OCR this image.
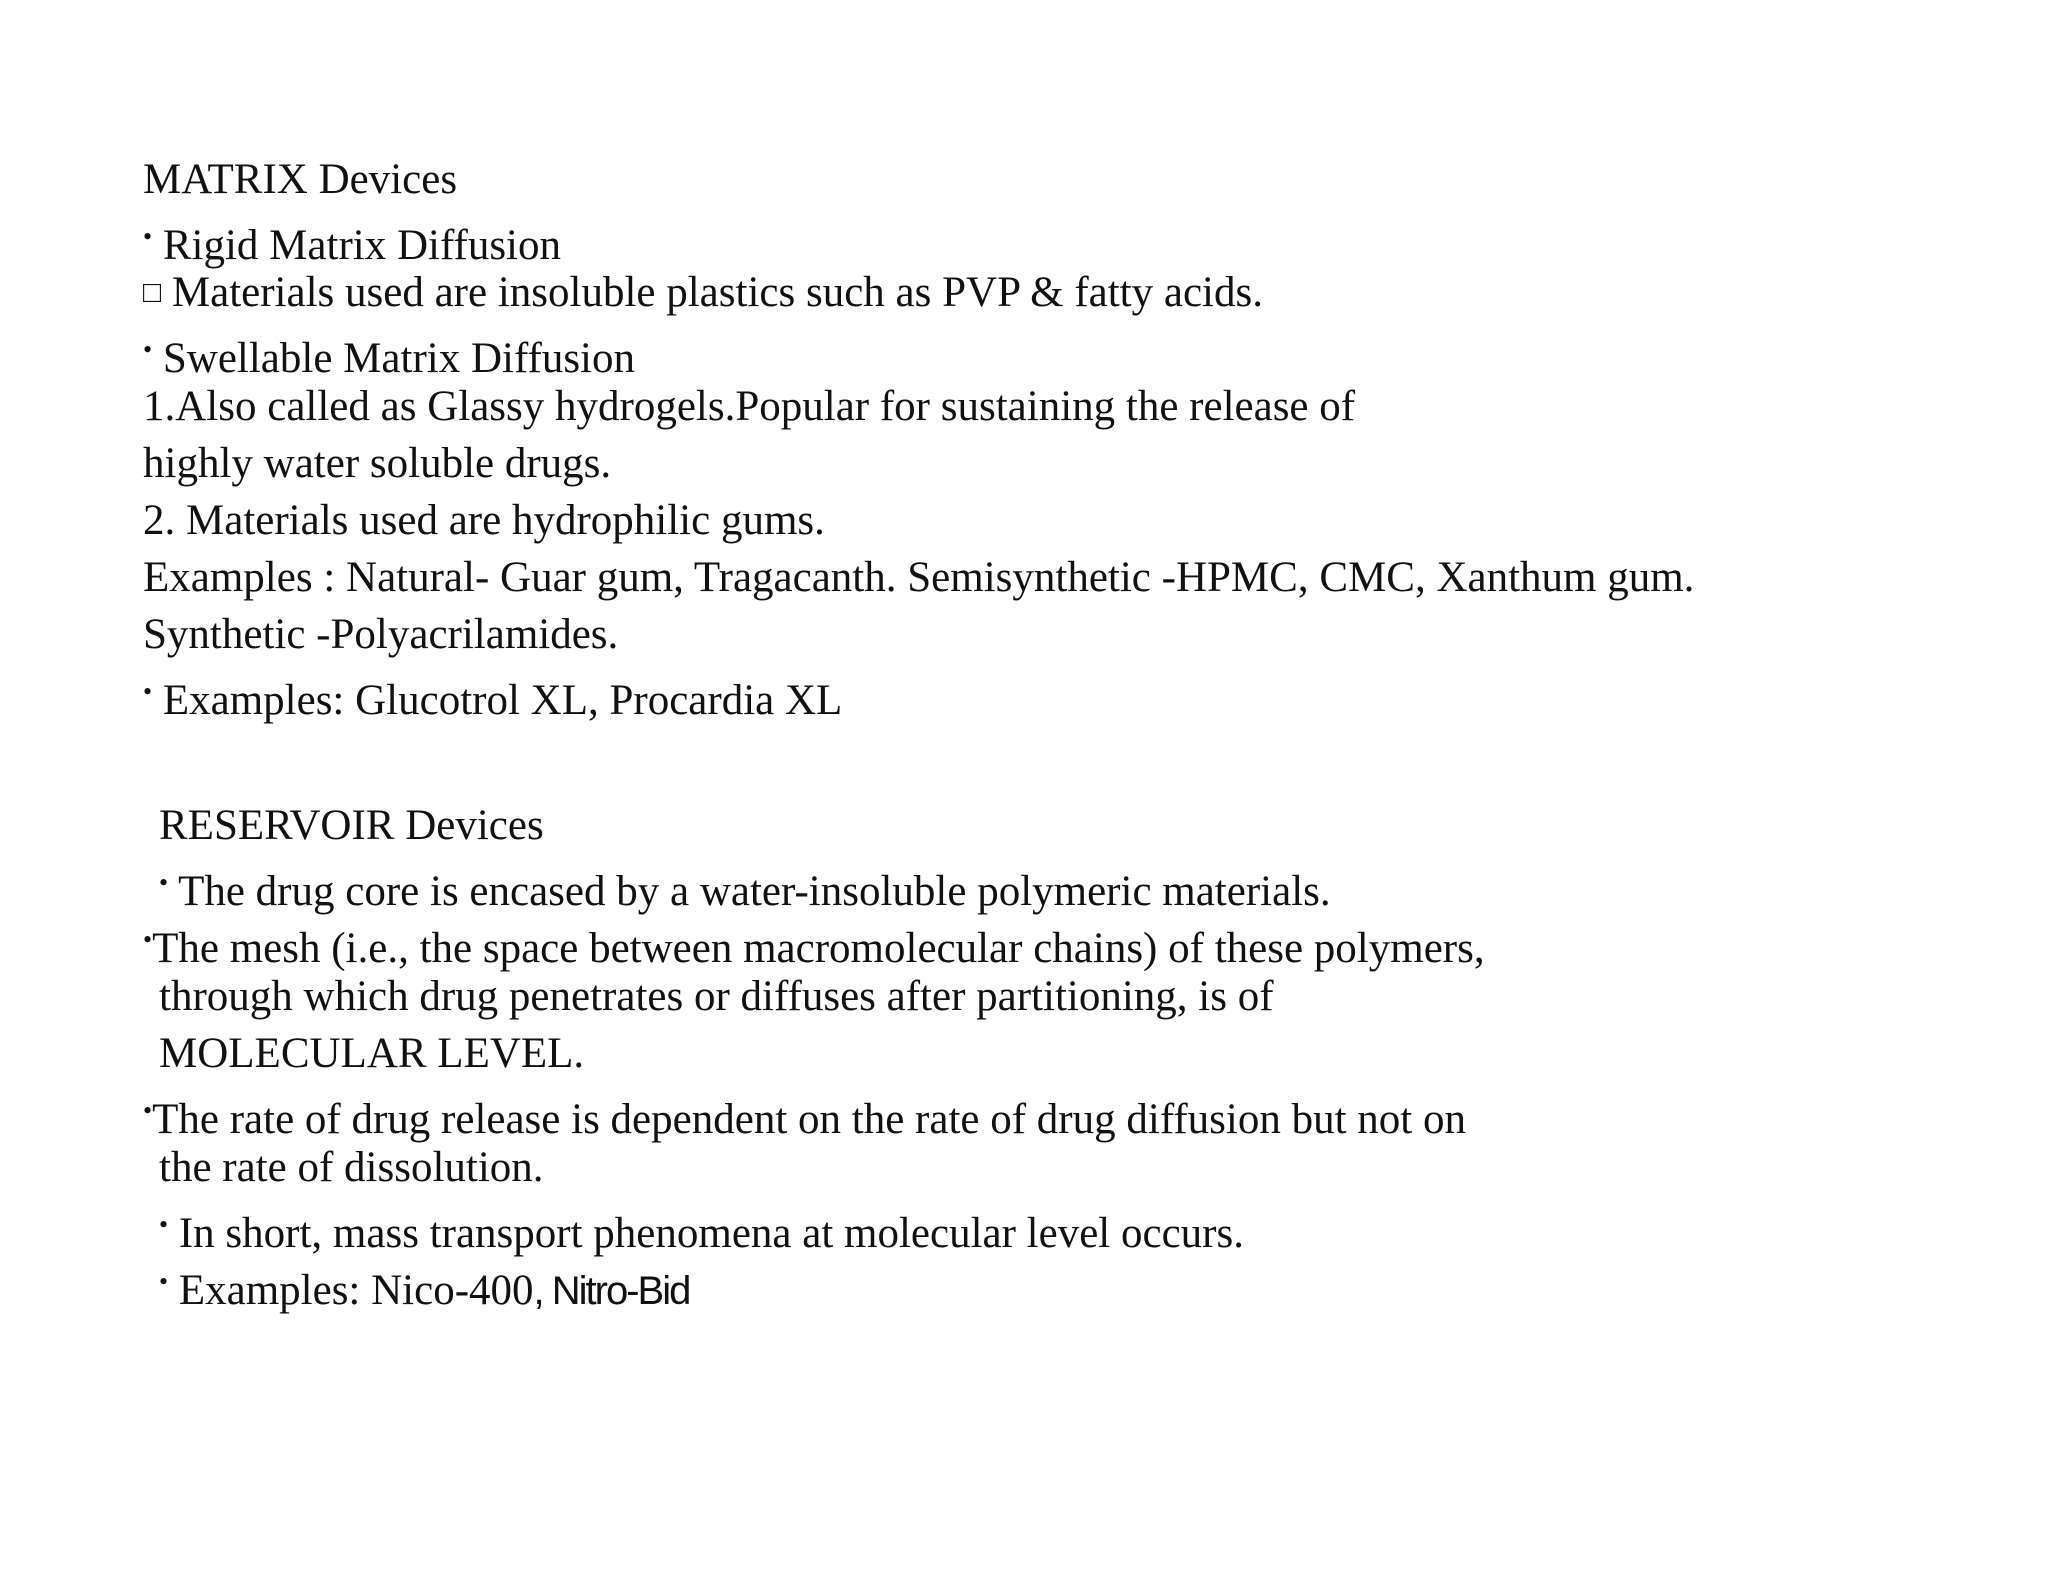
MATRIX Devices

• Rigid Matrix Diffusion

□ Materials used are insoluble plastics such as PVP & fatty acids.

• Swellable Matrix Diffusion

1.Also called as Glassy hydrogels.Popular for sustaining the release of

highly water soluble drugs.

2. Materials used are hydrophilic gums.

Examples : Natural- Guar gum, Tragacanth. Semisynthetic -HPMC, CMC, Xanthum gum.

Synthetic -Polyacrilamides.

• Examples: Glucotrol XL, Procardia XL

RESERVOIR Devices

• The drug core is encased by a water-insoluble polymeric materials.

•The mesh (i.e., the space between macromolecular chains) of these polymers,

through which drug penetrates or diffuses after partitioning, is of

MOLECULAR LEVEL.

•The rate of drug release is dependent on the rate of drug diffusion but not on

the rate of dissolution.

• In short, mass transport phenomena at molecular level occurs.

• Examples: Nico-400, Nitro-Bid
